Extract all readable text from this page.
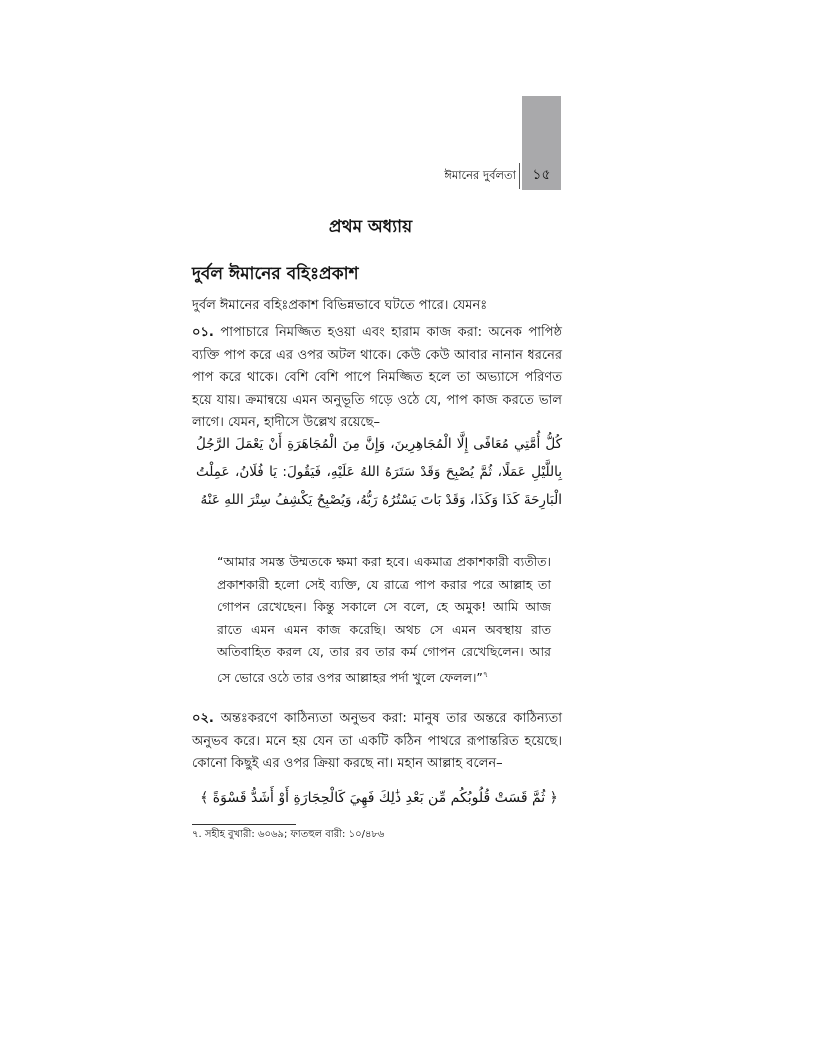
১৫
ঈমানের দুর্বলতা
প্রথম অধ্যায়
দুর্বল ঈমানের বহিঃপ্রকাশ
দুর্বল ঈমানের বহিঃপ্রকাশ বিভিন্নভাবে ঘটতে পারে। যেমনঃ
০১. পাপাচারে নিমজ্জিত হওয়া এবং হারাম কাজ করা: অনেক পাপিষ্ঠ ব্যক্তি পাপ করে এর ওপর অটল থাকে। কেউ কেউ আবার নানান ধরনের পাপ করে থাকে। বেশি বেশি পাপে নিমজ্জিত হলে তা অভ্যাসে পরিণত হয়ে যায়। ক্রমান্বয়ে এমন অনুভূতি গড়ে ওঠে যে, পাপ কাজ করতে ভাল লাগে। যেমন, হাদীসে উল্লেখ রয়েছে–
كُلُّ أُمَّتِي مُعَافًى إِلَّا الْمُجَاهِرِينَ، وَإِنَّ مِنَ الْمُجَاهَرَةِ أَنْ يَعْمَلَ الرَّجُلُ بِاللَّيْلِ عَمَلًا، ثُمَّ يُصْبِحَ وَقَدْ سَتَرَهُ اللهُ عَلَيْهِ، فَيَقُولَ: يَا فُلَانُ، عَمِلْتُ الْبَارِحَةَ كَذَا وَكَذَا، وَقَدْ بَاتَ يَسْتُرُهُ رَبُّهُ، وَيُصْبِحُ يَكْشِفُ سِتْرَ اللهِ عَنْهُ
“আমার সমস্ত উম্মতকে ক্ষমা করা হবে। একমাত্র প্রকাশকারী ব্যতীত। প্রকাশকারী হলো সেই ব্যক্তি, যে রাত্রে পাপ করার পরে আল্লাহ তা গোপন রেখেছেন। কিন্তু সকালে সে বলে, হে অমুক! আমি আজ রাতে এমন এমন কাজ করেছি। অথচ সে এমন অবস্থায় রাত অতিবাহিত করল যে, তার রব তার কর্ম গোপন রেখেছিলেন। আর সে ভোরে ওঠে তার ওপর আল্লাহর পর্দা খুলে ফেলল।”$^৭$
০২. অন্তঃকরণে কাঠিন্যতা অনুভব করা: মানুষ তার অন্তরে কাঠিন্যতা অনুভব করে। মনে হয় যেন তা একটি কঠিন পাথরে রূপান্তরিত হয়েছে। কোনো কিছুই এর ওপর ক্রিয়া করছে না। মহান আল্লাহ বলেন–
﴿ ثُمَّ قَسَتْ قُلُوبُكُم مِّن بَعْدِ ذَٰلِكَ فَهِيَ كَالْحِجَارَةِ أَوْ أَشَدُّ قَسْوَةً ﴾
৭. সহীহ বুখারী: ৬০৬৯; ফাতহুল বারী: ১০/৪৮৬
